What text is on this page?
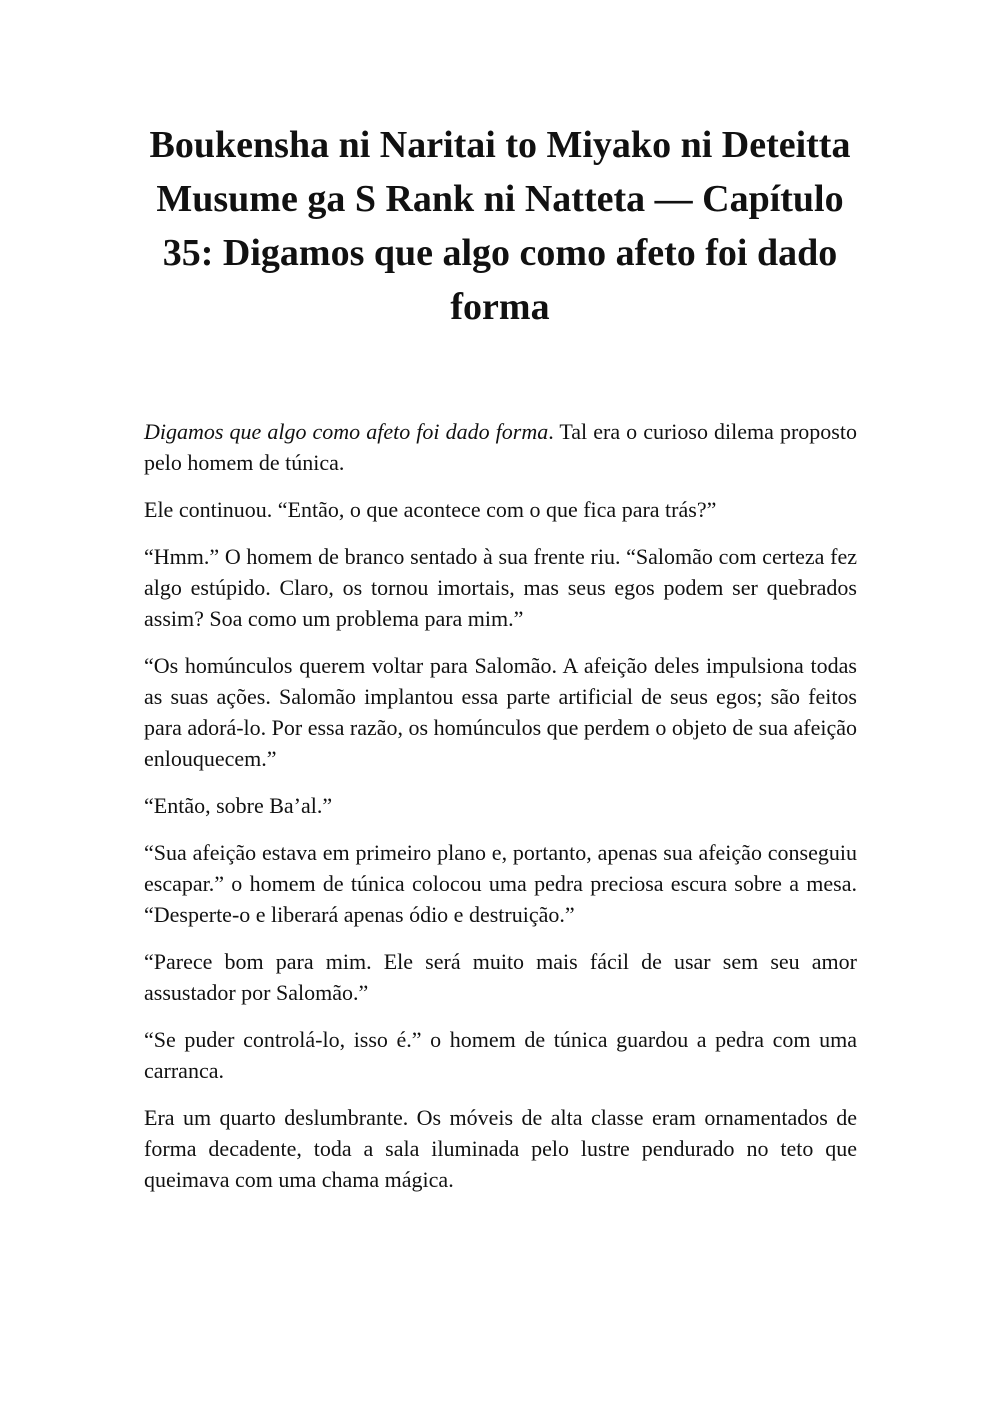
Boukensha ni Naritai to Miyako ni Deteitta Musume ga S Rank ni Natteta — Capítulo 35: Digamos que algo como afeto foi dado forma

Digamos que algo como afeto foi dado forma. Tal era o curioso dilema proposto pelo homem de túnica.

Ele continuou. “Então, o que acontece com o que fica para trás?”

“Hmm.” O homem de branco sentado à sua frente riu. “Salomão com certeza fez algo estúpido. Claro, os tornou imortais, mas seus egos podem ser quebrados assim? Soa como um problema para mim.”

“Os homúnculos querem voltar para Salomão. A afeição deles impulsiona todas as suas ações. Salomão implantou essa parte artificial de seus egos; são feitos para adorá-lo. Por essa razão, os homúnculos que perdem o objeto de sua afeição enlouquecem.”

“Então, sobre Ba’al.”

“Sua afeição estava em primeiro plano e, portanto, apenas sua afeição conseguiu escapar.” o homem de túnica colocou uma pedra preciosa escura sobre a mesa. “Desperte-o e liberará apenas ódio e destruição.”

“Parece bom para mim. Ele será muito mais fácil de usar sem seu amor assustador por Salomão.”

“Se puder controlá-lo, isso é.” o homem de túnica guardou a pedra com uma carranca.

Era um quarto deslumbrante. Os móveis de alta classe eram ornamentados de forma decadente, toda a sala iluminada pelo lustre pendurado no teto que queimava com uma chama mágica.
